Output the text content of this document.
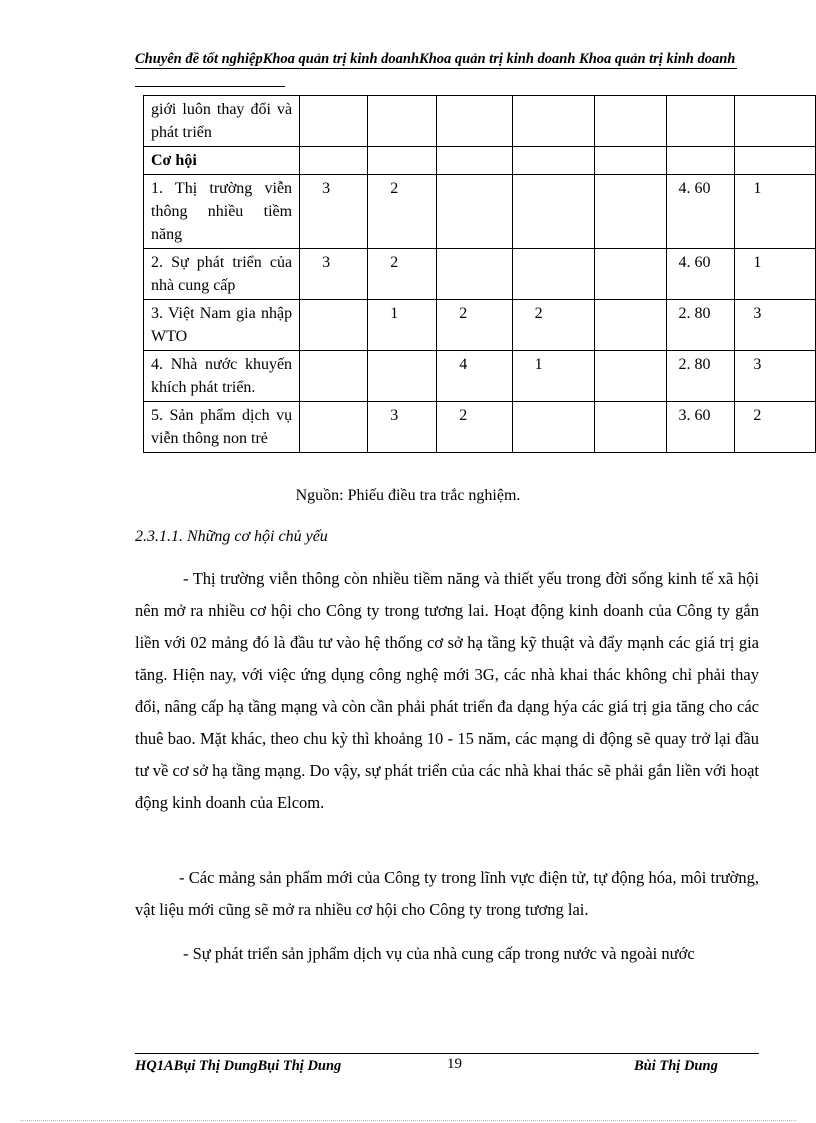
Chuyên đề tốt nghiệpKhoa quản trị kinh doanhKhoa quản trị kinh doanh Khoa quản trị kinh doanh
giới luôn thay đổi và phát triển							
Cơ hội							
1. Thị trường viễn thông nhiều tiềm năng	3	2				4. 60	1
2. Sự phát triển của nhà cung cấp	3	2				4. 60	1
3. Việt Nam gia nhập WTO		1	2	2		2. 80	3
4. Nhà nước khuyến khích phát triển.			4	1		2. 80	3
5. Sản phẩm dịch vụ viễn thông non trẻ		3	2			3. 60	2
Nguồn: Phiếu điều tra trắc nghiệm.
2.3.1.1. Những cơ hội chủ yếu
- Thị trường viễn thông còn nhiều tiềm năng và thiết yếu trong đời sống kinh tế xã hội nên mở ra nhiều cơ hội cho Công ty trong tương lai. Hoạt động kinh doanh của Công ty gắn liền với 02 mảng đó là đầu tư vào hệ thống cơ sở hạ tầng kỹ thuật và đẩy mạnh các giá trị gia tăng. Hiện nay, với việc ứng dụng công nghệ mới 3G, các nhà khai thác không chỉ phải thay đổi, nâng cấp hạ tầng mạng và còn cần phải phát triển đa dạng hýa các giá trị gia tăng cho các thuê bao. Mặt khác, theo chu kỳ thì khoảng 10 - 15 năm, các mạng di động sẽ quay trở lại đầu tư về cơ sở hạ tầng mạng. Do vậy, sự phát triển của các nhà khai thác sẽ phải gắn liền với hoạt động kinh doanh của Elcom.
- Các mảng sản phẩm mới của Công ty trong lĩnh vực điện tử, tự động hóa, môi trường, vật liệu mới cũng sẽ mở ra nhiều cơ hội cho Công ty trong tương lai.
- Sự phát triển sản jphẩm dịch vụ của nhà cung cấp trong nước và ngoài nước
HQ1ABụi Thị DungBụi Thị Dung	19	Bùi Thị Dung
